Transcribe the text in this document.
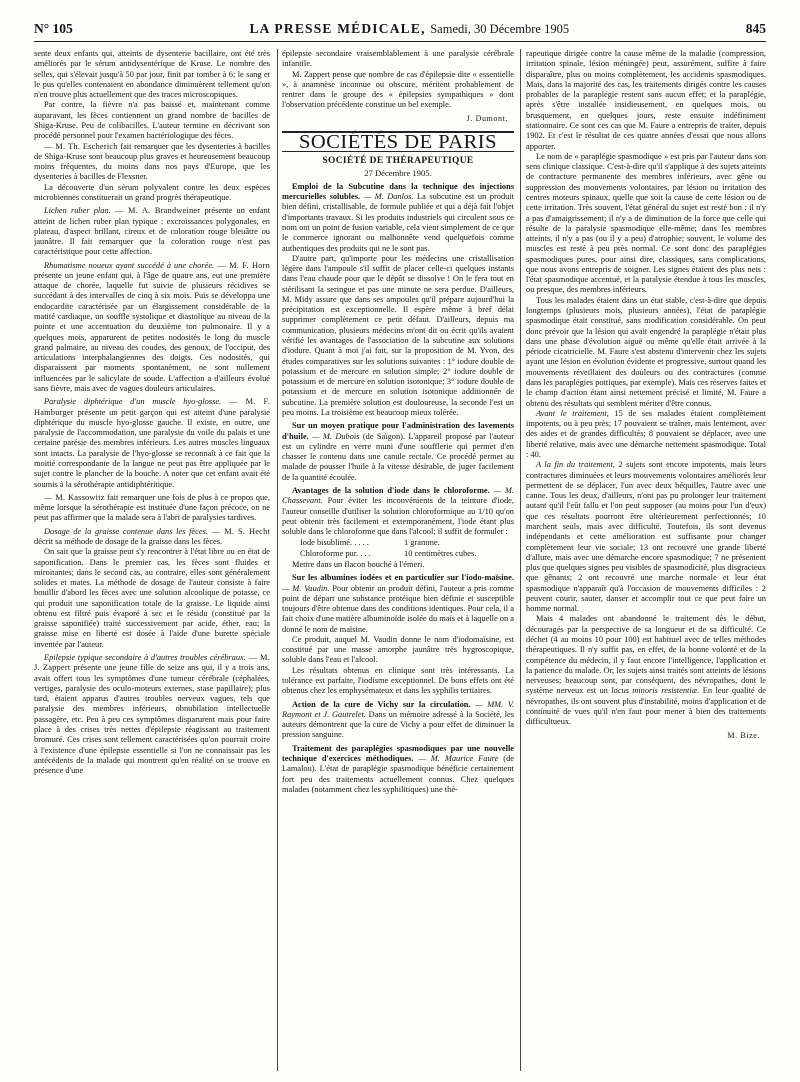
N° 105	LA PRESSE MÉDICALE, Samedi, 30 Décembre 1905	845

sente deux enfants qui, atteints de dysenterie bacillaire, ont été très améliorés par le sérum antidysentérique de Kruse. Le nombre des selles, qui s'élevait jusqu'à 50 par jour, finit par tomber à 6; le sang et le pus qu'elles contenaient en abondance diminuèrent tellement qu'on n'en trouve plus actuellement que des traces microscopiques.

Par contre, la fièvre n'a pas baissé et, maintenant comme auparavant, les fèces contiennent un grand nombre de bacilles de Shiga-Kruse. Peu de colibacilles. L'auteur termine en décrivant son procédé personnel pour l'examen bactériologique des fèces.

— M. Th. Escherich fait remarquer que les dysenteries à bacilles de Shiga-Kruse sont beaucoup plus graves et heureusement beaucoup moins fréquentes, du moins dans nos pays d'Europe, que les dysenteries à bacilles de Flexsner.

La découverte d'un sérum polyvalent contre les deux espèces microbiennes constituerait un grand progrès thérapeutique.

Lichen ruber plan. — M. A. Brandweiner présente un enfant atteint de lichen ruber plan typique : excroissances polygonales, en plateau, d'aspect brillant, cireux et de coloration rouge bleuâtre ou jaunâtre. Il fait remarquer que la coloration rouge n'est pas caractéristique pour cette affection.

Rhumatisme noueux ayant succédé à une chorée. — M. F. Horn présente un jeune enfant qui, à l'âge de quatre ans, eut une première attaque de chorée, laquelle fut suivie de plusieurs récidives se succédant à des intervalles de cinq à six mois. Puis se développa une endocardite caractérisée par un élargissement considérable de la matité cardiaque, un souffle systolique et diastolique au niveau de la pointe et une accentuation du deuxième ton pulmonaire. Il y a quelques mois, apparurent de petites nodosités le long du muscle grand palmaire, au niveau des coudes, des genoux, de l'occiput, des articulations interphalangiennes des doigts. Ces nodosités, qui disparaissent par moments spontanément, ne sont nullement influencées par le salicylate de soude. L'affection a d'ailleurs évolué sans fièvre, mais avec de vagues douleurs articulaires.

Paralysie diphtérique d'un muscle hyo-glosse. — M. F. Hamburger présente un petit garçon qui est atteint d'une paralysie diphtérique du muscle hyo-glosse gauche. Il existe, en outre, une paralysie de l'accommodation, une paralysie du voile du palais et une certaine parésie des membres inférieurs. Les autres muscles linguaux sont intacts. La paralysie de l'hyo-glosse se reconnaît à ce fait que la moitié correspondante de la langue ne peut pas être appliquée par le sujet contre le plancher de la bouche. A noter que cet enfant avait été soumis à la sérothérapie antidiphtéritique.

— M. Kassowitz fait remarquer une fois de plus à ce propos que, même lorsque la sérothérapie est instituée d'une façon précoce, on ne peut pas affirmer que la malade sera à l'abri de paralysies tardives.

Dosage de la graisse contenue dans les fèces. — M. S. Hecht décrit sa méthode de dosage de la graisse dans les fèces.

On sait que la graisse peut s'y rencontrer à l'état libre ou en état de saponification. Dans le premier cas, les fèces sont fluides et miroitantes; dans le second cas, au contraire, elles sont généralement solides et mates. La méthode de dosage de l'auteur consiste à faire bouillir d'abord les fèces avec une solution alcoolique de potasse, ce qui produit une saponification totale de la graisse. Le liquide ainsi obtenu est filtré puis évaporé à sec et le résidu (constitué par la graisse saponifiée) traité successivement par acide, éther, eau; la graisse mise en liberté est dosée à l'aide d'une burette spéciale inventée par l'auteur.

Epilepsie typique secondaire à d'autres troubles cérébraux. — M. J. Zappert présente une jeune fille de seize ans qui, il y a trois ans, avait offert tous les symptômes d'une tumeur cérébrale (céphalées, vertiges, paralysie des oculo-moteurs externes, stase papillaire); plus tard, étaient apparus d'autres troubles nerveux vagues, tels que paralysie des membres inférieurs, obnubilation intellectuelle passagère, etc. Peu à peu ces symptômes disparurent mais pour faire place à des crises très nettes d'épilepsie réagissant au traitement bromuré. Ces crises sont tellement caractérisées qu'on pourrait croire à l'existence d'une épilepsie essentielle si l'on ne connaissait pas les antécédents de la malade qui montrent qu'en réalité on se trouve en présence d'une

épilepsie secondaire vraisemblablement à une paralysie cérébrale infantile.

M. Zappert pense que nombre de cas d'épilepsie dite « essentielle », à anamnèse inconnue ou obscure, méritent probablement de rentrer dans le groupe des « épilepsies sympathiques » dont l'observation précédente constitue un bel exemple.

J. Dumont.
SOCIÉTÉS DE PARIS
SOCIÉTÉ DE THÉRAPEUTIQUE
27 Décembre 1905.

Emploi de la Subcutine dans la technique des injections mercurielles solubles. — M. Danlos. La subcutine est un produit bien défini, cristallisable, de formule publiée et qui a déjà fait l'objet d'importants travaux. Si les produits industriels qui circulent sous ce nom ont un point de fusion variable, cela vient simplement de ce que le commerce ignorant ou malhonnête vend quelquefois comme authentiques des produits qui ne le sont pas.

D'autre part, qu'importe pour les médecins une cristallisation légère dans l'ampoule s'il suffit de placer celle-ci quelques instants dans l'eau chaude pour que le dépôt se dissolve ! On le fera tout en stérilisant la seringue et pas une minute ne sera perdue. D'ailleurs, M. Midy assure que dans ses ampoules qu'il prépare aujourd'hui la précipitation est exceptionnelle. Il espère même à bref délai supprimer complètement ce petit défaut. D'ailleurs, depuis ma communication, plusieurs médecins m'ont dit ou écrit qu'ils avaient vérifié les avantages de l'association de la subcutine aux solutions d'iodure. Quant à moi j'ai fait, sur la proposition de M. Yvon, des études comparatives sur les solutions suivantes : 1° iodure double de potassium et de mercure en solution simple; 2° iodure double de potassium et de mercure en solution isotonique; 3° iodure double de potassium et de mercure en solution isotonique additionnée de subcutine. La première solution est douloureuse, la seconde l'est un peu moins. La troisième est beaucoup mieux tolérée.

Sur un moyen pratique pour l'administration des lavements d'huile. — M. Dubois (de Saïgon). L'appareil proposé par l'auteur est un cylindre en verre muni d'une soufflerie qui permet d'en chasser le contenu dans une canule rectale. Ce procédé permet au malade de pousser l'huile à la vitesse désirable, de juger facilement de la quantité écoulée.

Avantages de la solution d'iode dans le chloroforme. — M. Chassevant. Pour éviter les inconvénients de la teinture d'iode, l'auteur conseille d'utiliser la solution chloroformique au 1/10 qu'on peut obtenir très facilement et extemporanément, l'iode étant plus soluble dans le chloroforme que dans l'alcool; il suffit de formuler :

Iode bisublimé. . . . .	1 gramme.
Chloroforme pur. . . .	10 centimètres cubes.

Mettre dans un flacon bouché à l'émeri.

Sur les albumines iodées et en particulier sur l'iodo-maïsine. — M. Vaudin. Pour obtenir un produit défini, l'auteur a pris comme point de départ une substance protéique bien définie et susceptible toujours d'être obtenue dans des conditions identiques. Pour cela, il a fait choix d'une matière albuminoïde isolée du maïs et à laquelle on a donné le nom de maïsine.

Ce produit, auquel M. Vaudin donne le nom d'iodomaïsine, est constitué par une masse amorphe jaunâtre très hygroscopique, soluble dans l'eau et l'alcool.

Les résultats obtenus en clinique sont très intéressants. La tolérance est parfaite, l'iodisme exceptionnel. De bons effets ont été obtenus chez les emphysémateux et dans les syphilis tertiaires.

Action de la cure de Vichy sur la circulation. — MM. V. Raymont et J. Gautrelet. Dans un mémoire adressé à la Société, les auteurs démontrent que la cure de Vichy a pour effet de diminuer la pression sanguine.

Traitement des paraplégies spasmodiques par une nouvelle technique d'exercices méthodiques. — M. Maurice Faure (de Lamalou). L'état de paraplégie spasmodique bénéficie certainement fort peu des traitements actuellement connus. Chez quelques malades (notamment chez les syphilitiques) une thé-

rapeutique dirigée contre la cause même de la maladie (compression, irritation spinale, lésion méningée) peut, assurément, suffire à faire disparaître, plus ou moins complètement, les accidents spasmodiques. Mais, dans la majorité des cas, les traitements dirigés contre les causes probables de la paraplégie restent sans aucun effet; et la paraplégie, après s'être installée insidieusement, en quelques mois, ou brusquement, en quelques jours, reste ensuite indéfiniment stationnaire. Ce sont ces cas que M. Faure a entrepris de traiter, depuis 1902. Et c'est le résultat de ces quatre années d'essai que nous allons apporter.

Le nom de « paraplégie spasmodique » est pris par l'auteur dans son sens clinique classique. C'est-à-dire qu'il s'applique à des sujets atteints de contracture permanente des membres inférieurs, avec gêne ou suppression des mouvements volontaires, par lésion ou irritation des centres moteurs spinaux, quelle que soit la cause de cette lésion ou de cette irritation. Très souvent, l'état général du sujet est resté bon : il n'y a pas d'amaigrissement; il n'y a de diminution de la force que celle qui résulte de la paralysie spasmodique elle-même; dans les membres atteints, il n'y a pas (ou il y a peu) d'atrophie; souvent, le volume des muscles est resté à peu près normal. Ce sont donc des paraplégies spasmodiques pures, pour ainsi dire, classiques, sans complications, que nous avons entrepris de soigner. Les signes étaient des plus nets : l'état spasmodique accentué, et la paralysie étendue à tous les muscles, ou presque, des membres inférieurs.

Tous les malades étaient dans un état stable, c'est-à-dire que depuis longtemps (plusieurs mois, plusieurs années), l'état de paraplégie spasmodique était constitué, sans modification considérable. On peut donc prévoir que la lésion qui avait engendré la paraplégie n'était plus dans une phase d'évolution aiguë ou même qu'elle était arrivée à la période cicatricielle. M. Faure s'est abstenu d'intervenir chez les sujets ayant une lésion en évolution évidente et progressive, surtout quand les mouvements réveillaient des douleurs ou des contractures (comme dans les paraplégies pottiques, par exemple). Mais ces réserves faites et le champ d'action étant ainsi nettement précisé et limité, M. Faure a obtenu des résultats qui semblent mériter d'être connus.

Avant le traitement, 15 de ses malades étaient complètement impotents, ou à peu près; 17 pouvaient se traîner, mais lentement, avec des aides et de grandes difficultés; 8 pouvaient se déplacer, avec une liberté relative, mais avec une démarche nettement spasmodique. Total : 40.

A la fin du traitement, 2 sujets sont encore impotents, mais leurs contractures diminuées et leurs mouvements volontaires améliorés leur permettent de se déplacer, l'un avec deux béquilles, l'autre avec une canne. Tous les deux, d'ailleurs, n'ont pas pu prolonger leur traitement autant qu'il l'eût fallu et l'on peut supposer (au moins pour l'un d'eux) que ces résultats pourront être ultérieurement perfectionnés; 10 marchent seuls, mais avec difficulté. Toutefois, ils sont devenus indépendants et cette amélioration est suffisante pour changer complètement leur vie sociale; 13 ont recouvré une grande liberté d'allure, mais avec une démarche encore spasmodique; 7 ne présentent plus que quelques signes peu visibles de spasmodicité, plus disgracieux que gênants; 2 ont recouvré une marche normale et leur état spasmodique n'apparaît qu'à l'occasion de mouvements difficiles : 2 peuvent courir, sauter, danser et accomplir tout ce que peut faire un homme normal.

Mais 4 malades ont abandonné le traitement dès le début, découragés par la perspective de sa longueur et de sa difficulté. Ce déchet (4 au moins 10 pour 100) est habituel avec de telles méthodes thérapeutiques. Il n'y suffit pas, en effet, de la bonne volonté et de la compétence du médecin, il y faut encore l'intelligence, l'application et la patience du malade. Or, les sujets ainsi traités sont atteints de lésions nerveuses; beaucoup sont, par conséquent, des névropathes, dont le système nerveux est un locus minoris resistentiæ. En leur qualité de névropathes, ils ont souvent plus d'instabilité, moins d'application et de continuité de vues qu'il n'en faut pour mener à bien des traitements difficultueux.

M. Bize.
